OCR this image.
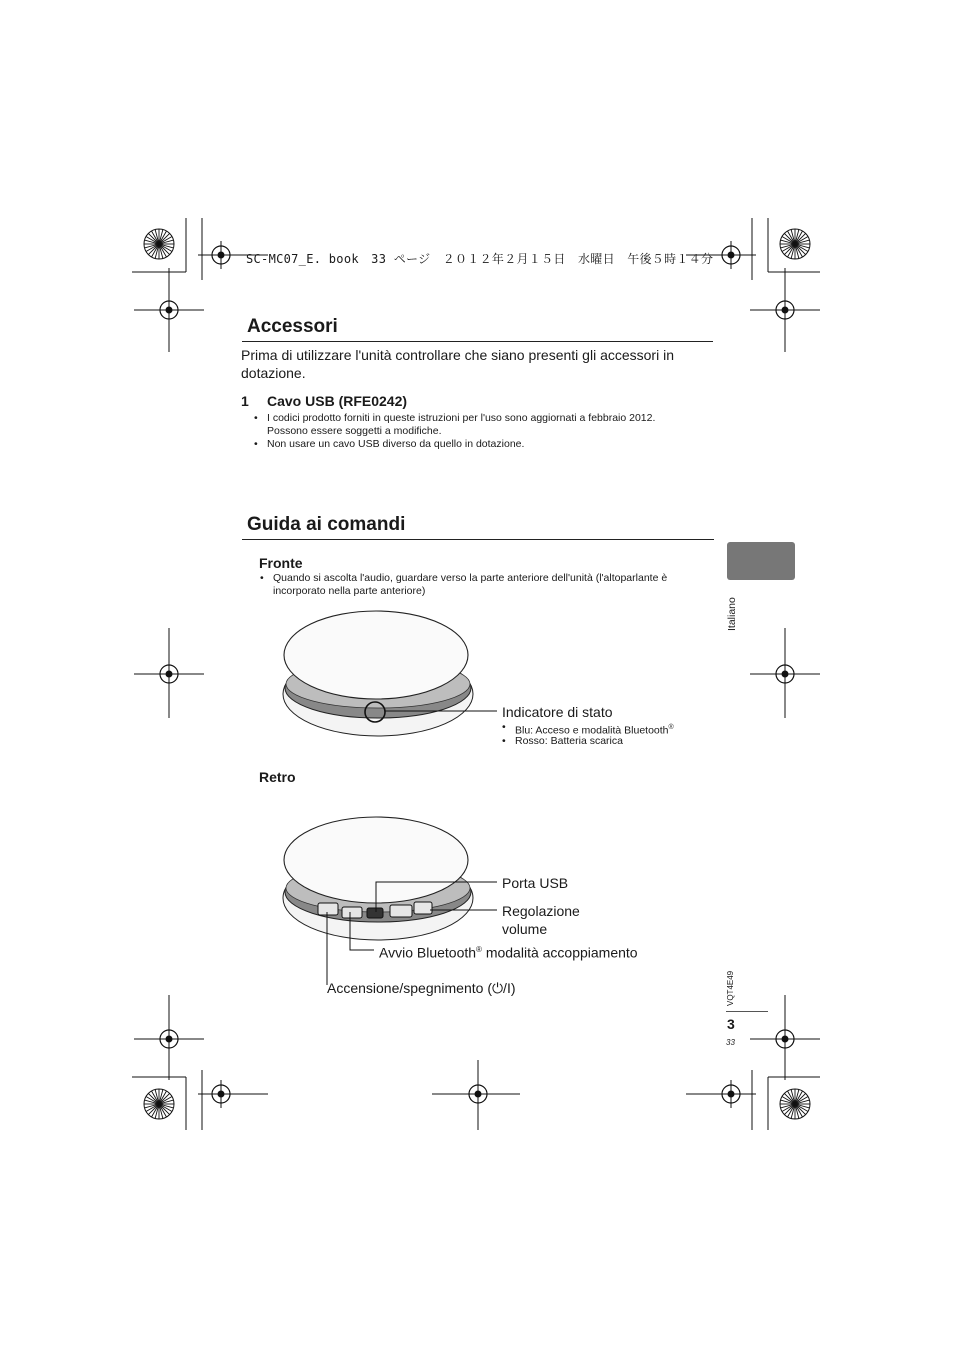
SC-MC07_E. book　33 ページ　２０１２年２月１５日　水曜日　午後５時１４分
Accessori
Prima di utilizzare l'unità controllare che siano presenti gli accessori in dotazione.
1 Cavo USB (RFE0242)
• I codici prodotto forniti in queste istruzioni per l'uso sono aggiornati a febbraio 2012. Possono essere soggetti a modifiche.
• Non usare un cavo USB diverso da quello in dotazione.
Guida ai comandi
Fronte
• Quando si ascolta l'audio, guardare verso la parte anteriore dell'unità (l'altoparlante è incorporato nella parte anteriore)
Indicatore di stato
• Blu: Acceso e modalità Bluetooth®
• Rosso: Batteria scarica
Retro
Porta USB
Regolazione
volume
Avvio Bluetooth® modalità accoppiamento
Accensione/spegnimento (⏻/I)
Italiano
VQT4E49
3
33
